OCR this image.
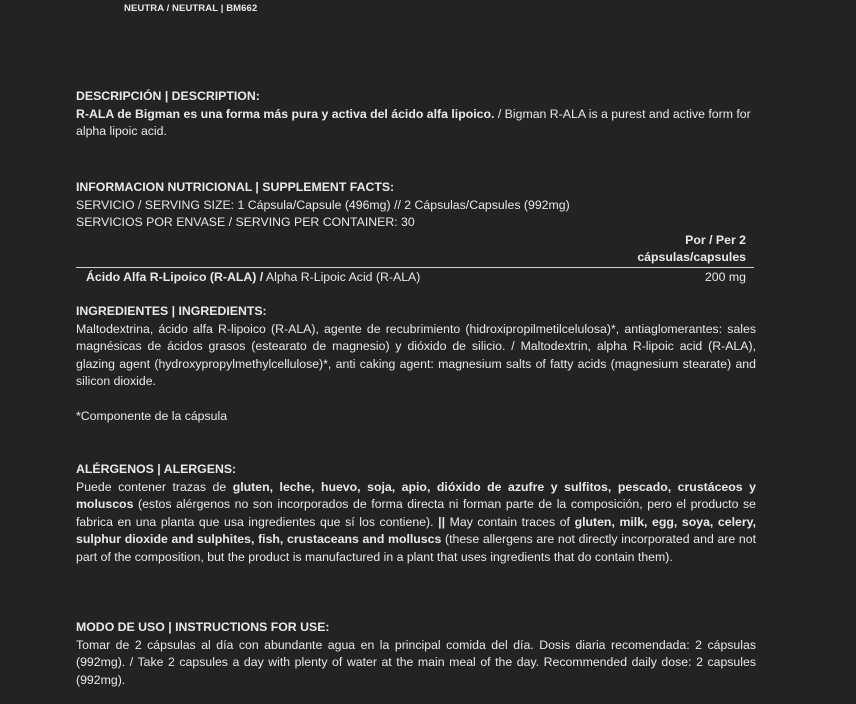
NEUTRA / NEUTRAL | BM662
DESCRIPCIÓN | DESCRIPTION:

R-ALA de Bigman es una forma más pura y activa del ácido alfa lipoico. / Bigman R-ALA is a purest and active form for alpha lipoic acid.

INFORMACION NUTRICIONAL | SUPPLEMENT FACTS:

SERVICIO / SERVING SIZE: 1 Cápsula/Capsule (496mg) // 2 Cápsulas/Capsules (992mg)

SERVICIOS POR ENVASE / SERVING PER CONTAINER: 30

Por / Per 2
cápsulas/capsules
Ácido Alfa R-Lipoico (R-ALA) / Alpha R-Lipoic Acid (R-ALA)	200 mg
INGREDIENTES | INGREDIENTS:

Maltodextrina, ácido alfa R-lipoico (R-ALA), agente de recubrimiento (hidroxipropilmetilcelulosa)*, antiaglomerantes: sales magnésicas de ácidos grasos (estearato de magnesio) y dióxido de silicio. / Maltodextrin, alpha R-lipoic acid (R-ALA), glazing agent (hydroxypropylmethylcellulose)*, anti caking agent: magnesium salts of fatty acids (magnesium stearate) and silicon dioxide.

*Componente de la cápsula

ALÉRGENOS | ALERGENS:

Puede contener trazas de gluten, leche, huevo, soja, apio, dióxido de azufre y sulfitos, pescado, crustáceos y moluscos (estos alérgenos no son incorporados de forma directa ni forman parte de la composición, pero el producto se fabrica en una planta que usa ingredientes que sí los contiene). || May contain traces of gluten, milk, egg, soya, celery, sulphur dioxide and sulphites, fish, crustaceans and molluscs (these allergens are not directly incorporated and are not part of the composition, but the product is manufactured in a plant that uses ingredients that do contain them).

MODO DE USO | INSTRUCTIONS FOR USE:

Tomar de 2 cápsulas al día con abundante agua en la principal comida del día. Dosis diaria recomendada: 2 cápsulas (992mg). / Take 2 capsules a day with plenty of water at the main meal of the day. Recommended daily dose: 2 capsules (992mg).
